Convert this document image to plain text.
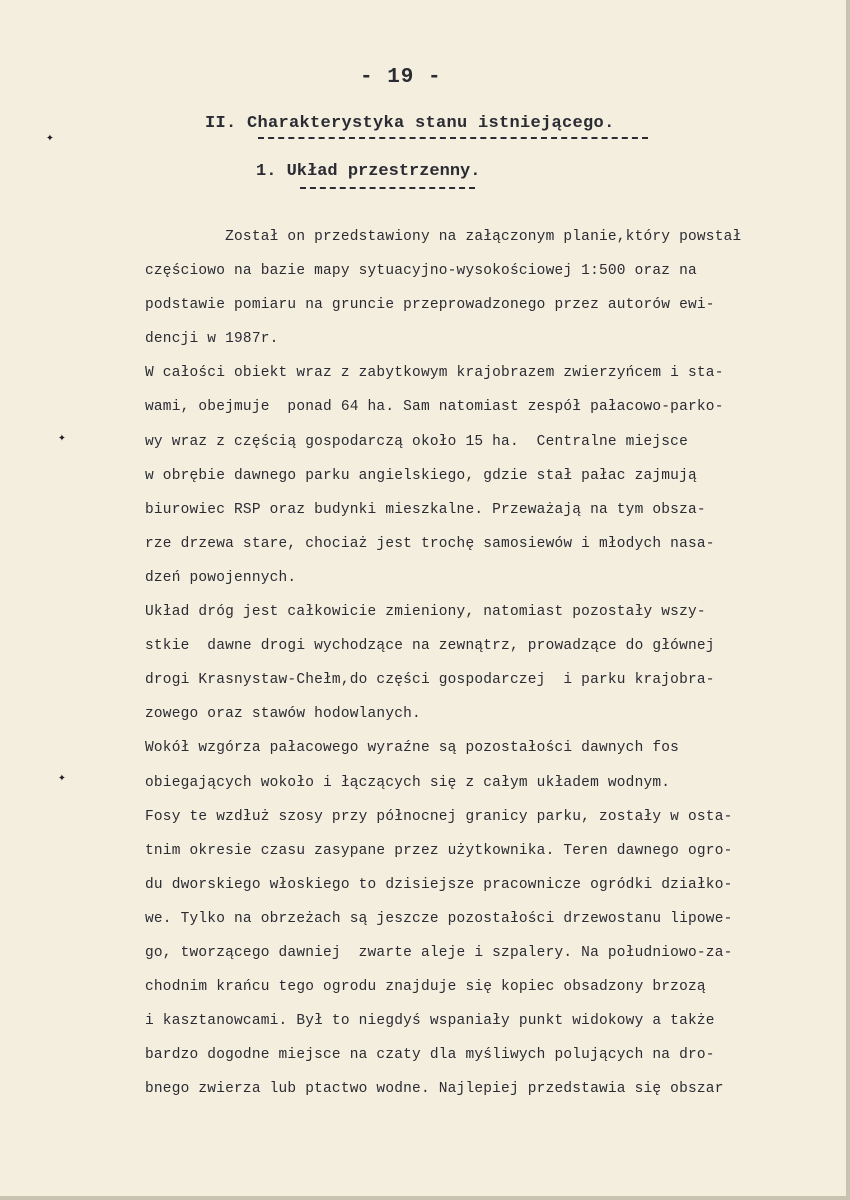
✦
✦
✦
- 19 -
II. Charakterystyka stanu istniejącego.
1. Układ przestrzenny.
Został on przedstawiony na załączonym planie,który powstał
częściowo na bazie mapy sytuacyjno-wysokościowej 1:500 oraz na
podstawie pomiaru na gruncie przeprowadzonego przez autorów ewi-
dencji w 1987r.
W całości obiekt wraz z zabytkowym krajobrazem zwierzyńcem i sta-
wami, obejmuje  ponad 64 ha. Sam natomiast zespół pałacowo-parko-
wy wraz z częścią gospodarczą około 15 ha.  Centralne miejsce
w obrębie dawnego parku angielskiego, gdzie stał pałac zajmują
biurowiec RSP oraz budynki mieszkalne. Przeważają na tym obsza-
rze drzewa stare, chociaż jest trochę samosiewów i młodych nasa-
dzeń powojennych.
Układ dróg jest całkowicie zmieniony, natomiast pozostały wszy-
stkie  dawne drogi wychodzące na zewnątrz, prowadzące do głównej
drogi Krasnystaw-Chełm,do części gospodarczej  i parku krajobra-
zowego oraz stawów hodowlanych.
Wokół wzgórza pałacowego wyraźne są pozostałości dawnych fos
obiegających wokoło i łączących się z całym układem wodnym.
Fosy te wzdłuż szosy przy północnej granicy parku, zostały w osta-
tnim okresie czasu zasypane przez użytkownika. Teren dawnego ogro-
du dworskiego włoskiego to dzisiejsze pracownicze ogródki działko-
we. Tylko na obrzeżach są jeszcze pozostałości drzewostanu lipowe-
go, tworzącego dawniej  zwarte aleje i szpalery. Na południowo-za-
chodnim krańcu tego ogrodu znajduje się kopiec obsadzony brzozą
i kasztanowcami. Był to niegdyś wspaniały punkt widokowy a także
bardzo dogodne miejsce na czaty dla myśliwych polujących na dro-
bnego zwierza lub ptactwo wodne. Najlepiej przedstawia się obszar
